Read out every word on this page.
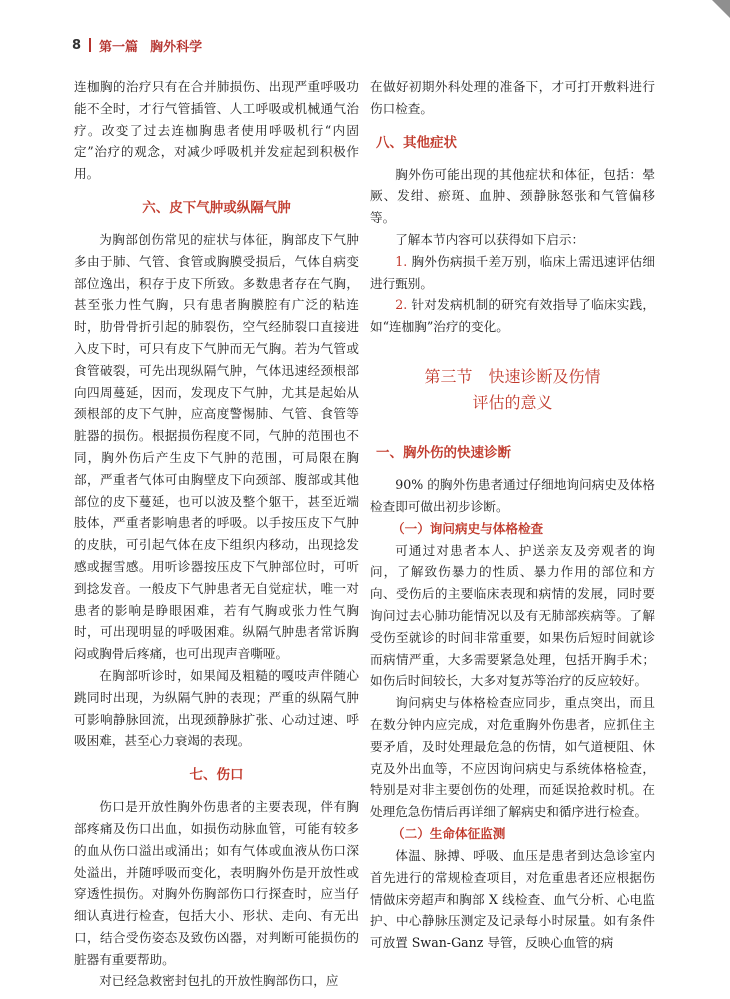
8 第一篇 胸外科学

连枷胸的治疗只有在合并肺损伤、出现严重呼吸功能不全时，才行气管插管、人工呼吸或机械通气治疗。改变了过去连枷胸患者使用呼吸机行“内固定”治疗的观念，对减少呼吸机并发症起到积极作用。

六、皮下气肿或纵隔气肿

为胸部创伤常见的症状与体征，胸部皮下气肿多由于肺、气管、食管或胸膜受损后，气体自病变部位逸出，积存于皮下所致。多数患者存在气胸，甚至张力性气胸，只有患者胸膜腔有广泛的粘连时，肋骨骨折引起的肺裂伤，空气经肺裂口直接进入皮下时，可只有皮下气肿而无气胸。若为气管或食管破裂，可先出现纵隔气肿，气体迅速经颈根部向四周蔓延，因而，发现皮下气肿，尤其是起始从颈根部的皮下气肿，应高度警惕肺、气管、食管等脏器的损伤。根据损伤程度不同，气肿的范围也不同，胸外伤后产生皮下气肿的范围，可局限在胸部，严重者气体可由胸壁皮下向颈部、腹部或其他部位的皮下蔓延，也可以波及整个躯干，甚至近端肢体，严重者影响患者的呼吸。以手按压皮下气肿的皮肤，可引起气体在皮下组织内移动，出现捻发感或握雪感。用听诊器按压皮下气肿部位时，可听到捻发音。一般皮下气肿患者无自觉症状，唯一对患者的影响是睁眼困难，若有气胸或张力性气胸时，可出现明显的呼吸困难。纵隔气肿患者常诉胸闷或胸骨后疼痛，也可出现声音嘶哑。

在胸部听诊时，如果闻及粗糙的嘎吱声伴随心跳同时出现，为纵隔气肿的表现；严重的纵隔气肿可影响静脉回流，出现颈静脉扩张、心动过速、呼吸困难，甚至心力衰竭的表现。

七、伤口

伤口是开放性胸外伤患者的主要表现，伴有胸部疼痛及伤口出血，如损伤动脉血管，可能有较多的血从伤口溢出或涌出；如有气体或血液从伤口深处溢出，并随呼吸而变化，表明胸外伤是开放性或穿透性损伤。对胸外伤胸部伤口行探查时，应当仔细认真进行检查，包括大小、形状、走向、有无出口，结合受伤姿态及致伤凶器，对判断可能损伤的脏器有重要帮助。

对已经急救密封包扎的开放性胸部伤口，应

在做好初期外科处理的准备下，才可打开敷料进行伤口检查。

八、其他症状

胸外伤可能出现的其他症状和体征，包括：晕厥、发绀、瘀斑、血肿、颈静脉怒张和气管偏移等。

了解本节内容可以获得如下启示：

1. 胸外伤病损千差万别，临床上需迅速评估细进行甄别。

2. 针对发病机制的研究有效指导了临床实践，如“连枷胸”治疗的变化。

第三节　快速诊断及伤情
评估的意义
一、胸外伤的快速诊断

90% 的胸外伤患者通过仔细地询问病史及体格检查即可做出初步诊断。

（一）询问病史与体格检查

可通过对患者本人、护送亲友及旁观者的询问，了解致伤暴力的性质、暴力作用的部位和方向、受伤后的主要临床表现和病情的发展，同时要询问过去心肺功能情况以及有无肺部疾病等。了解受伤至就诊的时间非常重要，如果伤后短时间就诊而病情严重，大多需要紧急处理，包括开胸手术；如伤后时间较长，大多对复苏等治疗的反应较好。

询问病史与体格检查应同步，重点突出，而且在数分钟内应完成，对危重胸外伤患者，应抓住主要矛盾，及时处理最危急的伤情，如气道梗阻、休克及外出血等，不应因询问病史与系统体格检查，特别是对非主要创伤的处理，而延误抢救时机。在处理危急伤情后再详细了解病史和循序进行检查。

（二）生命体征监测

体温、脉搏、呼吸、血压是患者到达急诊室内首先进行的常规检查项目，对危重患者还应根据伤情做床旁超声和胸部 X 线检查、血气分析、心电监护、中心静脉压测定及记录每小时尿量。如有条件可放置 Swan-Ganz 导管，反映心血管的病
